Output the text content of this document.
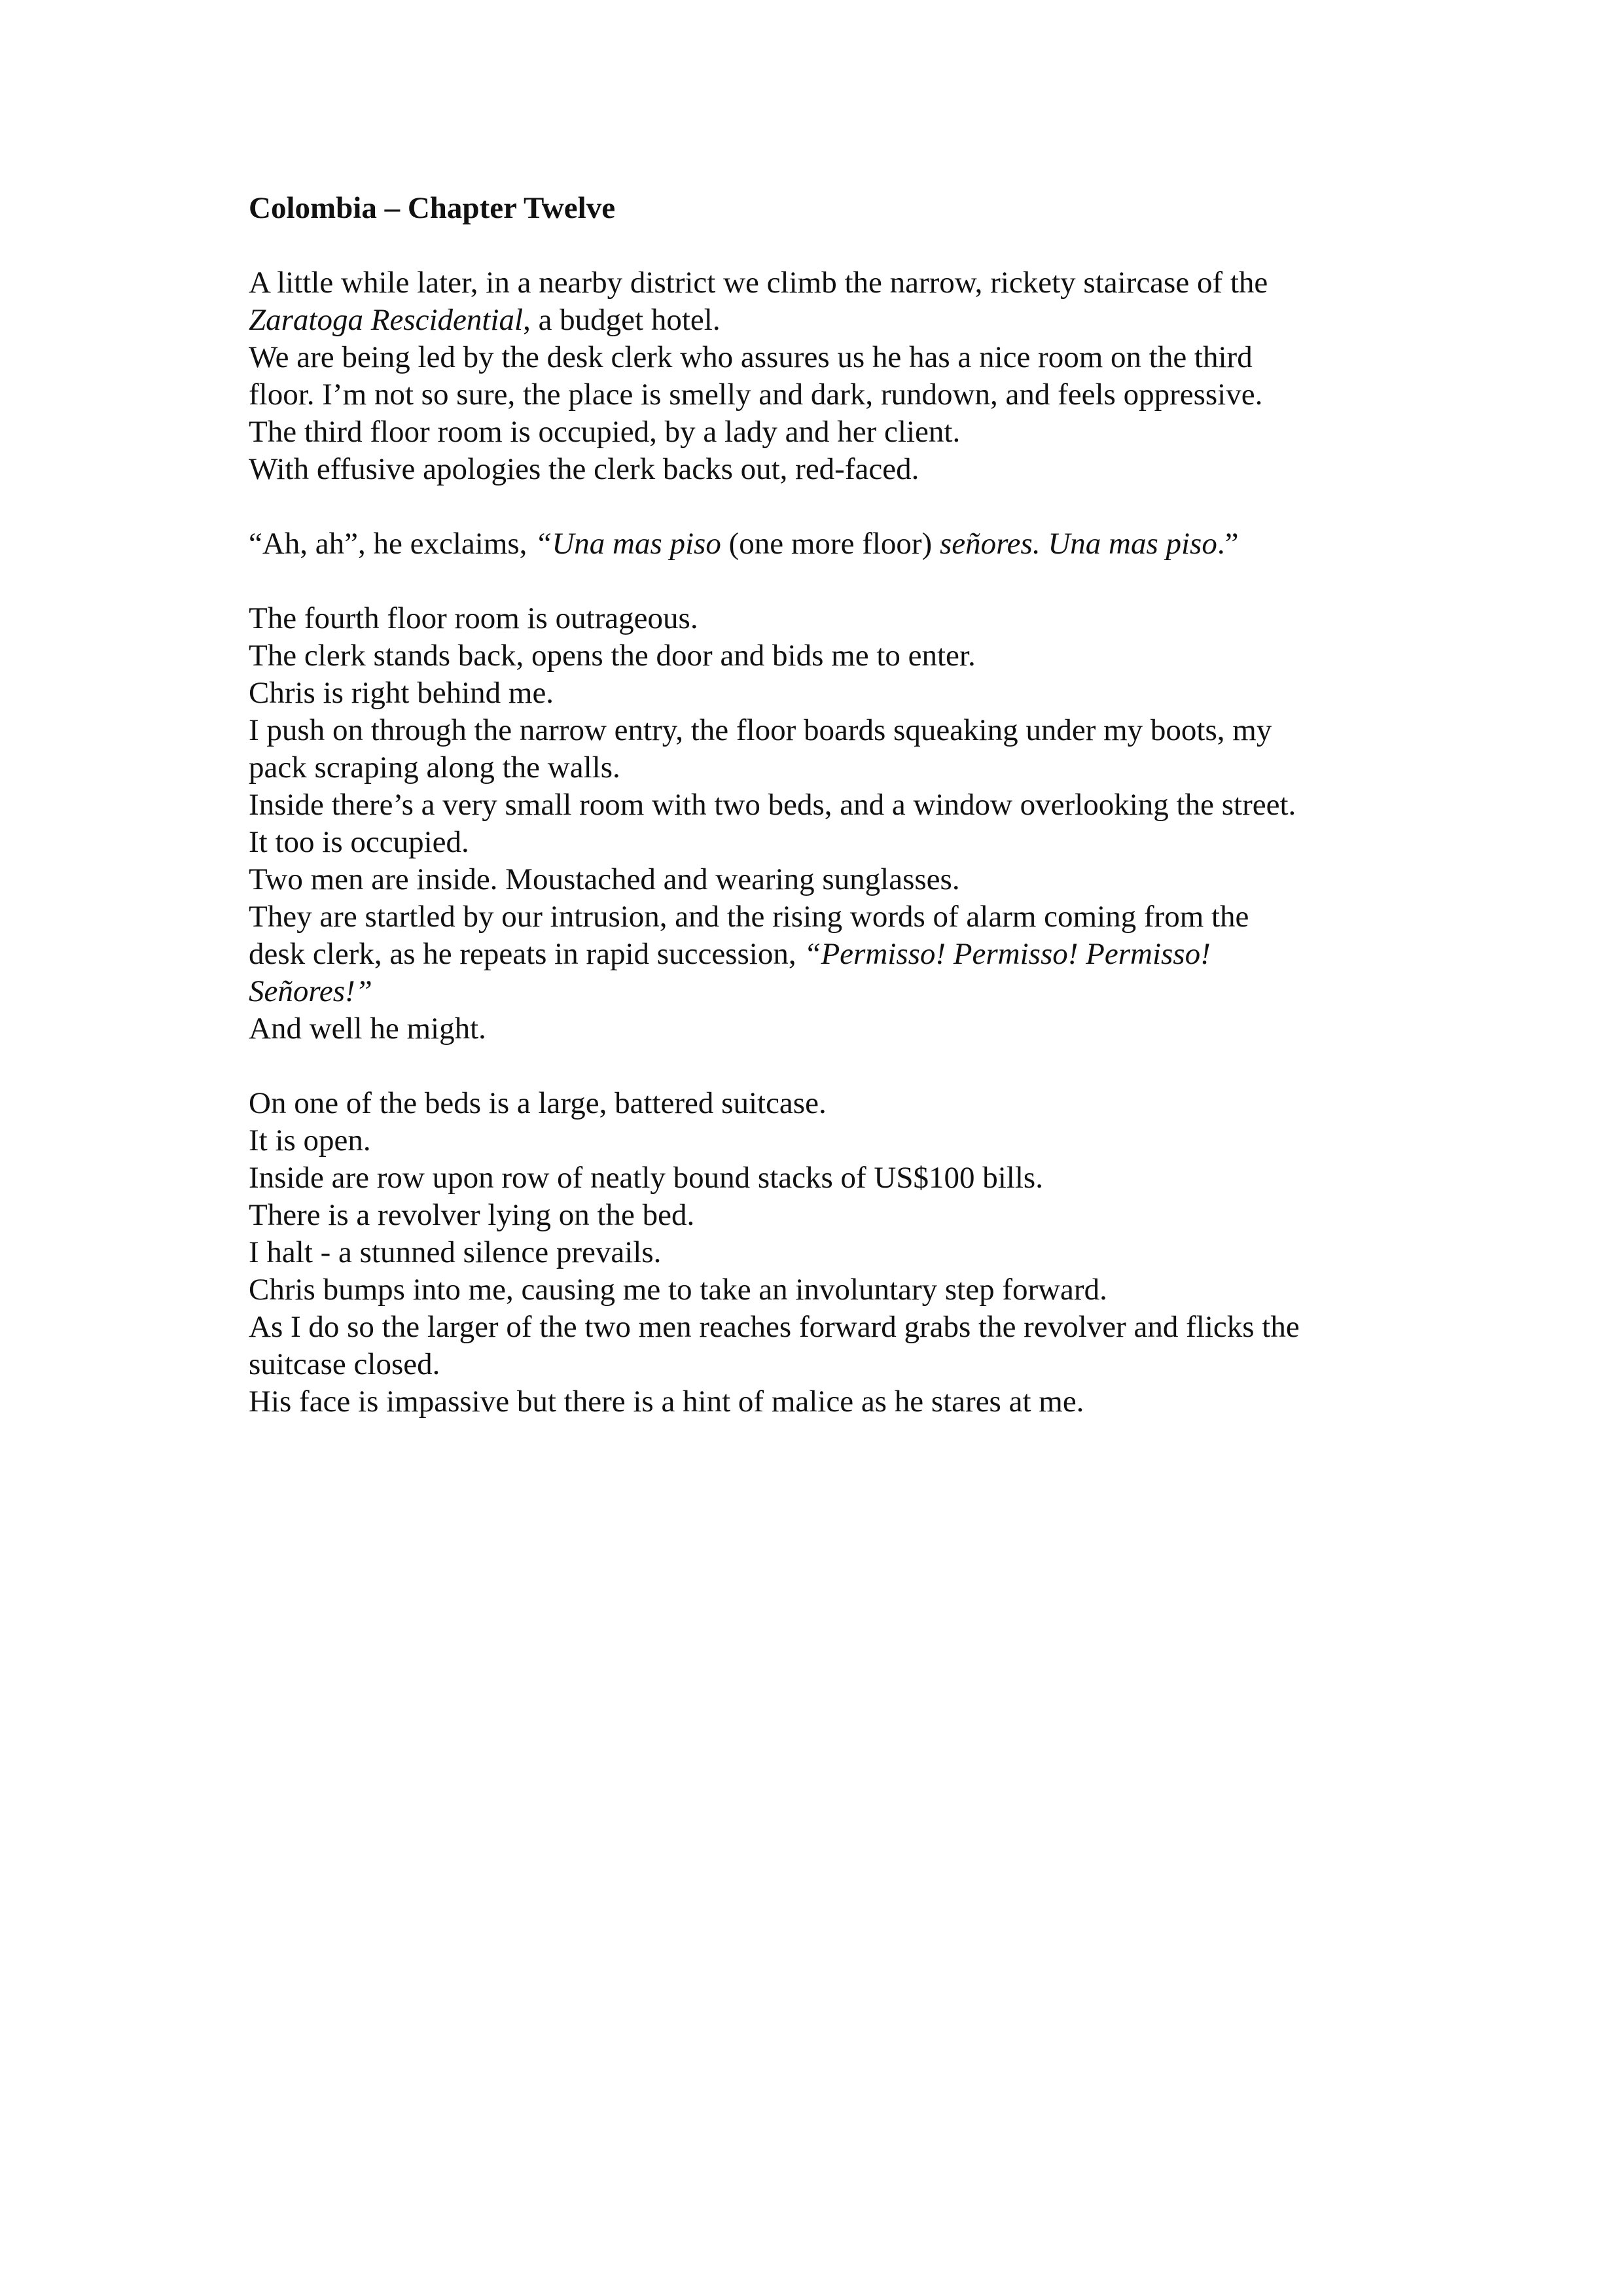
Colombia – Chapter Twelve
A little while later, in a nearby district we climb the narrow, rickety staircase of the
Zaratoga Rescidential, a budget hotel.
We are being led by the desk clerk who assures us he has a nice room on the third
floor. I’m not so sure, the place is smelly and dark, rundown, and feels oppressive.
The third floor room is occupied, by a lady and her client.
With effusive apologies the clerk backs out, red-faced.
“Ah, ah”, he exclaims, “Una mas piso (one more floor) señores. Una mas piso.”
The fourth floor room is outrageous.
The clerk stands back, opens the door and bids me to enter.
Chris is right behind me.
I push on through the narrow entry, the floor boards squeaking under my boots, my
pack scraping along the walls.
Inside there’s a very small room with two beds, and a window overlooking the street.
It too is occupied.
Two men are inside. Moustached and wearing sunglasses.
They are startled by our intrusion, and the rising words of alarm coming from the
desk clerk, as he repeats in rapid succession, “Permisso! Permisso! Permisso!
Señores!”
And well he might.
On one of the beds is a large, battered suitcase.
It is open.
Inside are row upon row of neatly bound stacks of US$100 bills.
There is a revolver lying on the bed.
I halt - a stunned silence prevails.
Chris bumps into me, causing me to take an involuntary step forward.
As I do so the larger of the two men reaches forward grabs the revolver and flicks the
suitcase closed.
His face is impassive but there is a hint of malice as he stares at me.
